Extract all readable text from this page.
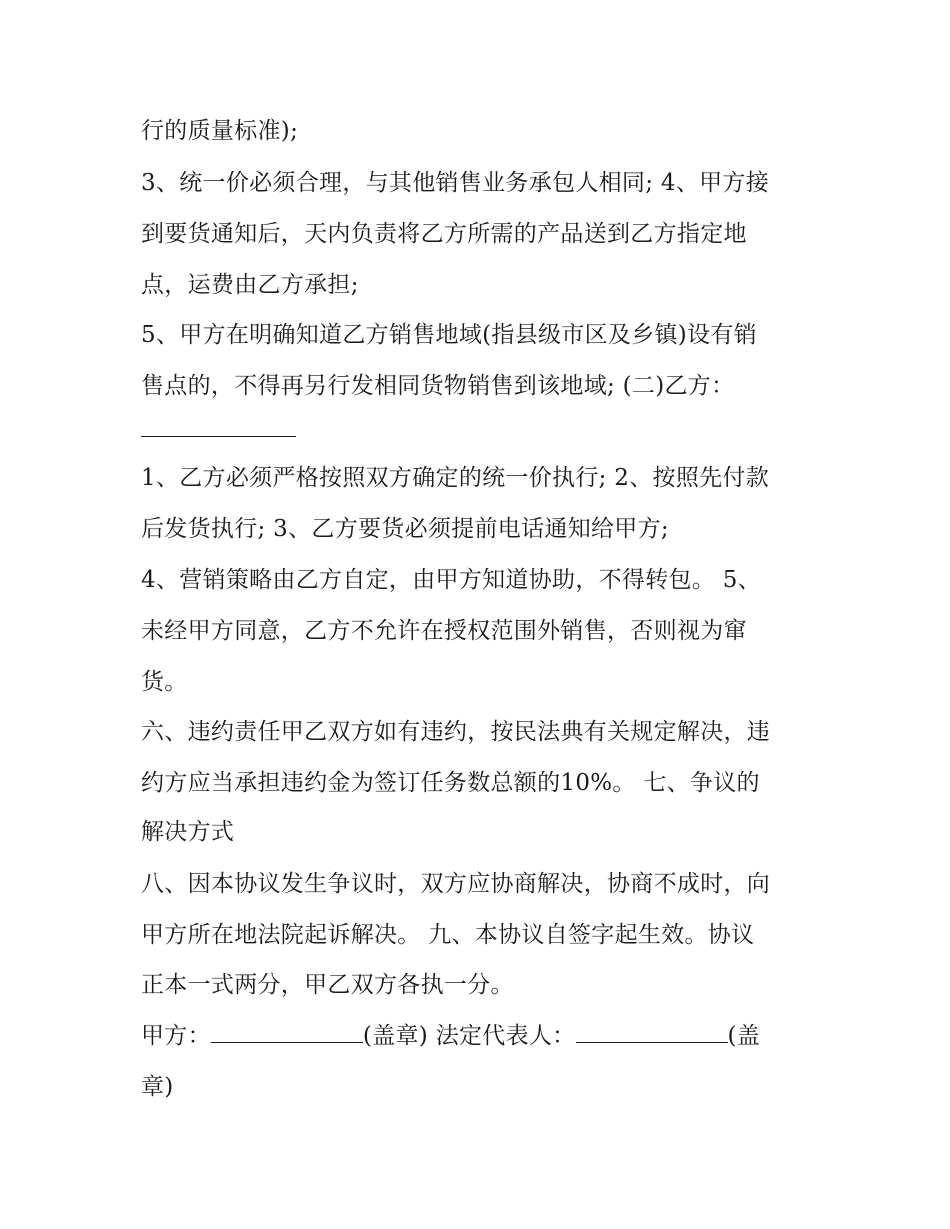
行的质量标准);
3、统一价必须合理，与其他销售业务承包人相同; 4、甲方接
到要货通知后，天内负责将乙方所需的产品送到乙方指定地
点，运费由乙方承担;
5、甲方在明确知道乙方销售地域(指县级市区及乡镇)设有销
售点的，不得再另行发相同货物销售到该地域; (二)乙方：
1、乙方必须严格按照双方确定的统一价执行; 2、按照先付款
后发货执行; 3、乙方要货必须提前电话通知给甲方;
4、营销策略由乙方自定，由甲方知道协助，不得转包。 5、
未经甲方同意，乙方不允许在授权范围外销售，否则视为窜
货。
六、违约责任甲乙双方如有违约，按民法典有关规定解决，违
约方应当承担违约金为签订任务数总额的10%。 七、争议的
解决方式
八、因本协议发生争议时，双方应协商解决，协商不成时，向
甲方所在地法院起诉解决。 九、本协议自签字起生效。协议
正本一式两分，甲乙双方各执一分。
甲方：	(盖章) 法定代表人：	(盖
章)
